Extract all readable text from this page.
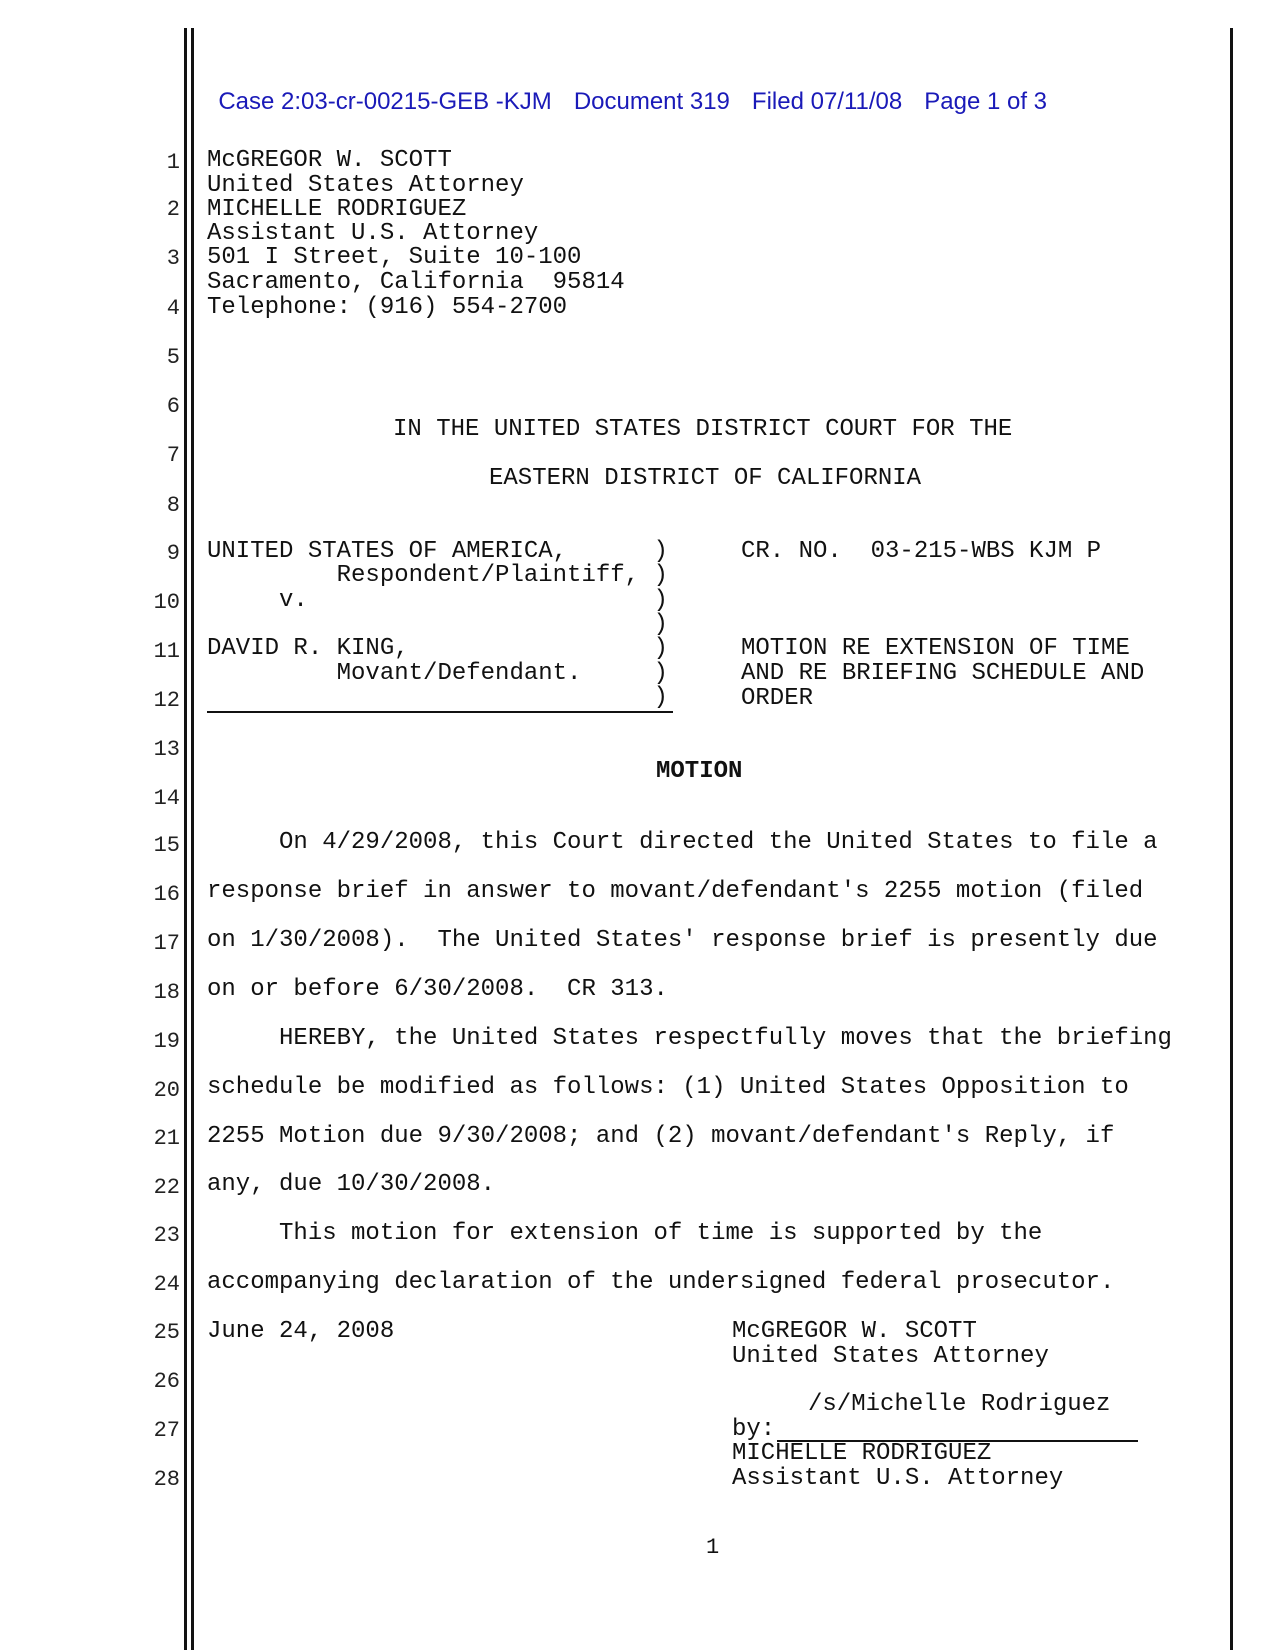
Case 2:03-cr-00215-GEB -KJM Document 319 Filed 07/11/08 Page 1 of 3

1
2
3
4
5
6
7
8
9
10
11
12
13
14
15
16
17
18
19
20
21
22
23
24
25
26
27
28
McGREGOR W. SCOTT
United States Attorney
MICHELLE RODRIGUEZ
Assistant U.S. Attorney
501 I Street, Suite 10-100
Sacramento, California  95814
Telephone: (916) 554-2700
IN THE UNITED STATES DISTRICT COURT FOR THE
EASTERN DISTRICT OF CALIFORNIA
UNITED STATES OF AMERICA,      )
Respondent/Plaintiff, )
v.                        )
)
DAVID R. KING,                 )
Movant/Defendant.     )
)
CR. NO.  03-215-WBS KJM P
MOTION RE EXTENSION OF TIME
AND RE BRIEFING SCHEDULE AND
ORDER
MOTION
On 4/29/2008, this Court directed the United States to file a
response brief in answer to movant/defendant's 2255 motion (filed
on 1/30/2008).  The United States' response brief is presently due
on or before 6/30/2008.  CR 313.
HEREBY, the United States respectfully moves that the briefing
schedule be modified as follows: (1) United States Opposition to
2255 Motion due 9/30/2008; and (2) movant/defendant's Reply, if
any, due 10/30/2008.
This motion for extension of time is supported by the
accompanying declaration of the undersigned federal prosecutor.
June 24, 2008	McGREGOR W. SCOTT
United States Attorney
/s/Michelle Rodriguez
by:
MICHELLE RODRIGUEZ
Assistant U.S. Attorney
1
